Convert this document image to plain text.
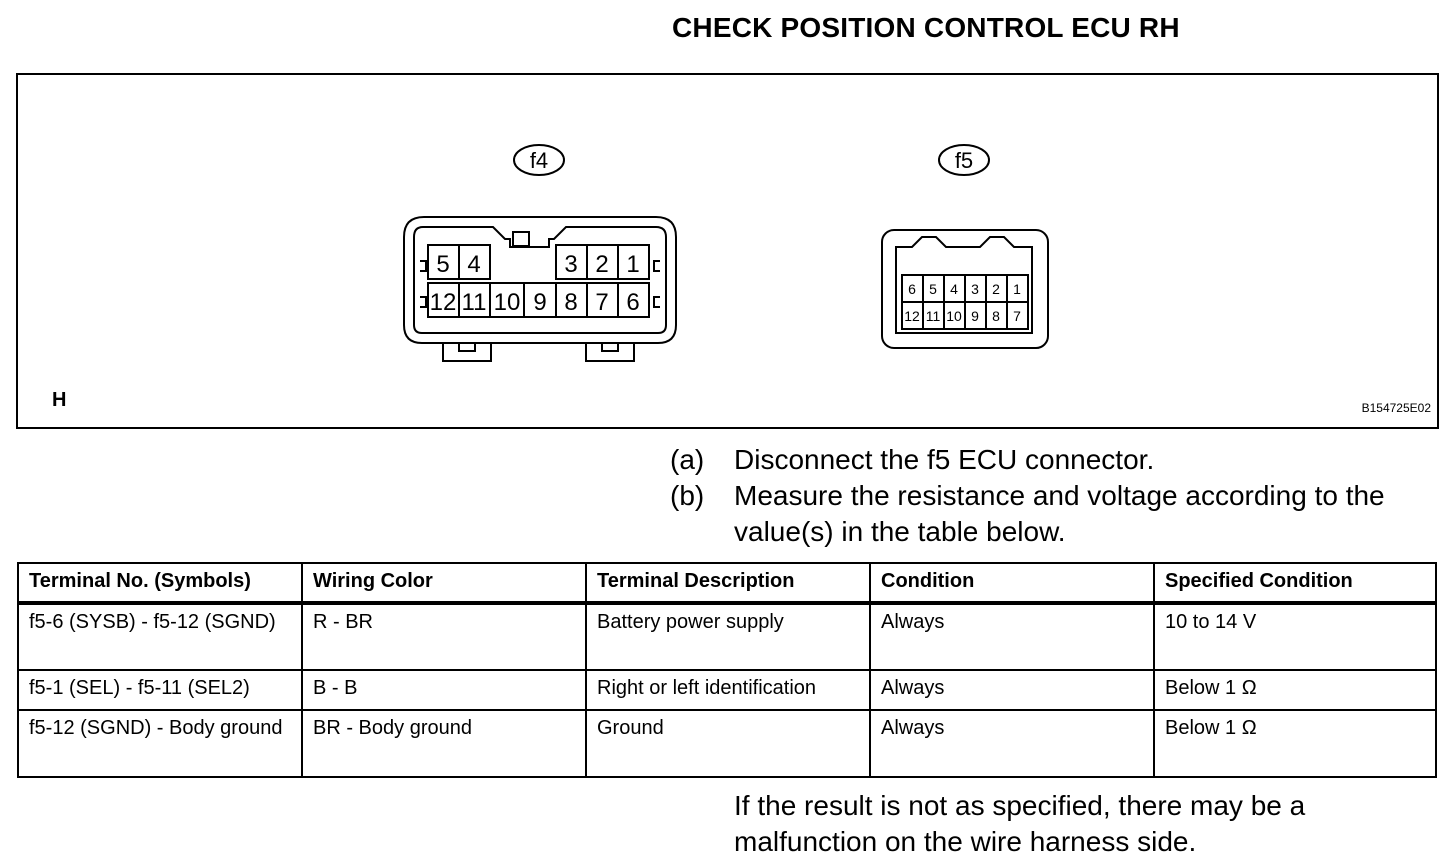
CHECK POSITION CONTROL ECU RH
f4
5 4	3 2 1
12 11 10 9 8 7 6
f5
6 5 4 3 2 1
12 11 10 9 8 7
H	B154725E02
(a)	Disconnect the f5 ECU connector.
(b)	Measure the resistance and voltage according to the value(s) in the table below.
Terminal No. (Symbols)	Wiring Color	Terminal Description	Condition	Specified Condition
f5-6 (SYSB) - f5-12 (SGND)	R - BR	Battery power supply	Always	10 to 14 V
f5-1 (SEL) - f5-11 (SEL2)	B - B	Right or left identification	Always	Below 1 Ω
f5-12 (SGND) - Body ground	BR - Body ground	Ground	Always	Below 1 Ω
If the result is not as specified, there may be a malfunction on the wire harness side.
